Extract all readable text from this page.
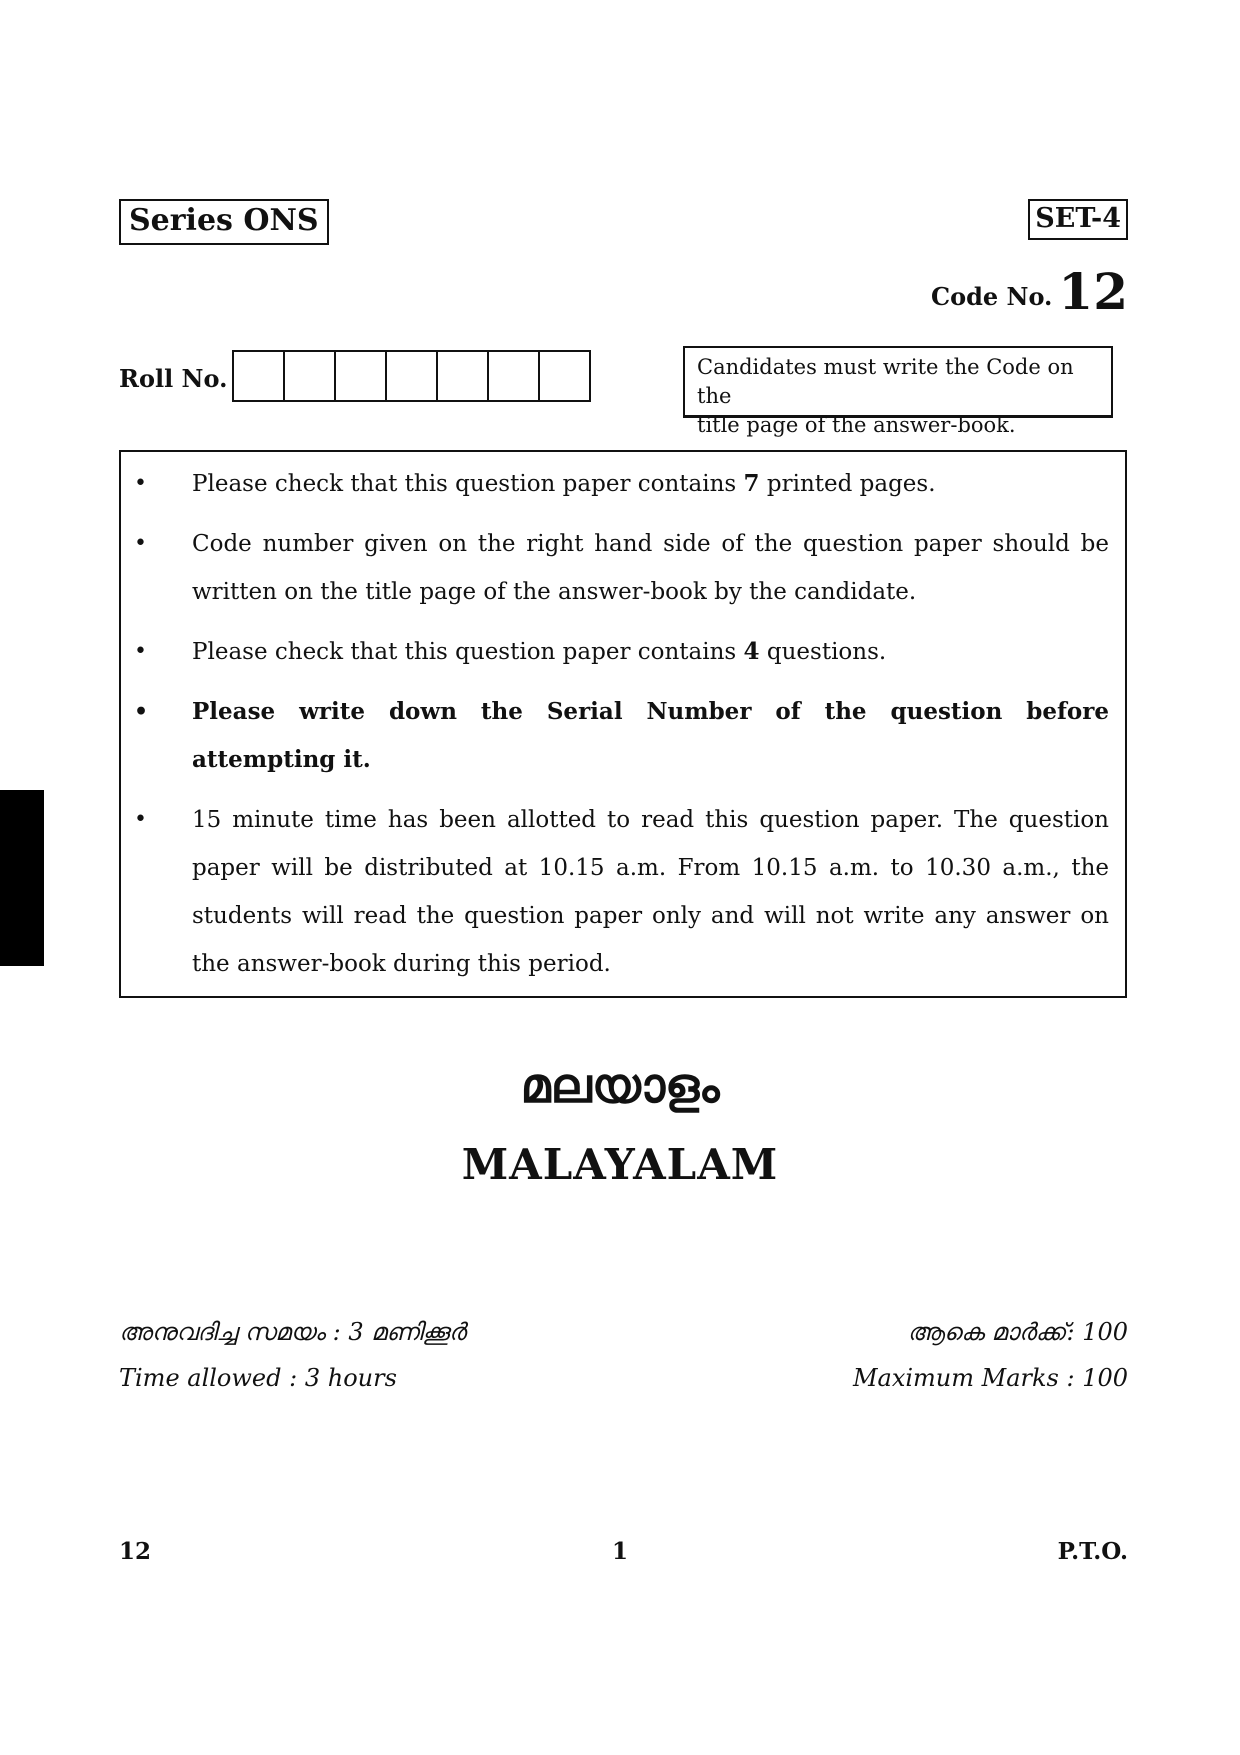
Series ONS	SET-4
Code No. 12
Roll No.	Candidates must write the Code on the
title page of the answer-book.
• Please check that this question paper contains 7 printed pages.
• Code number given on the right hand side of the question paper should be written on the title page of the answer-book by the candidate.
• Please check that this question paper contains 4 questions.
• Please write down the Serial Number of the question before attempting it.
• 15 minute time has been allotted to read this question paper. The question paper will be distributed at 10.15 a.m. From 10.15 a.m. to 10.30 a.m., the students will read the question paper only and will not write any answer on the answer-book during this period.
മലയാളം
MALAYALAM
അനുവദിച്ച സമയം : 3 മണിക്കൂർ
Time allowed : 3 hours
ആകെ മാർക്ക്: 100
Maximum Marks : 100
12	1	P.T.O.
